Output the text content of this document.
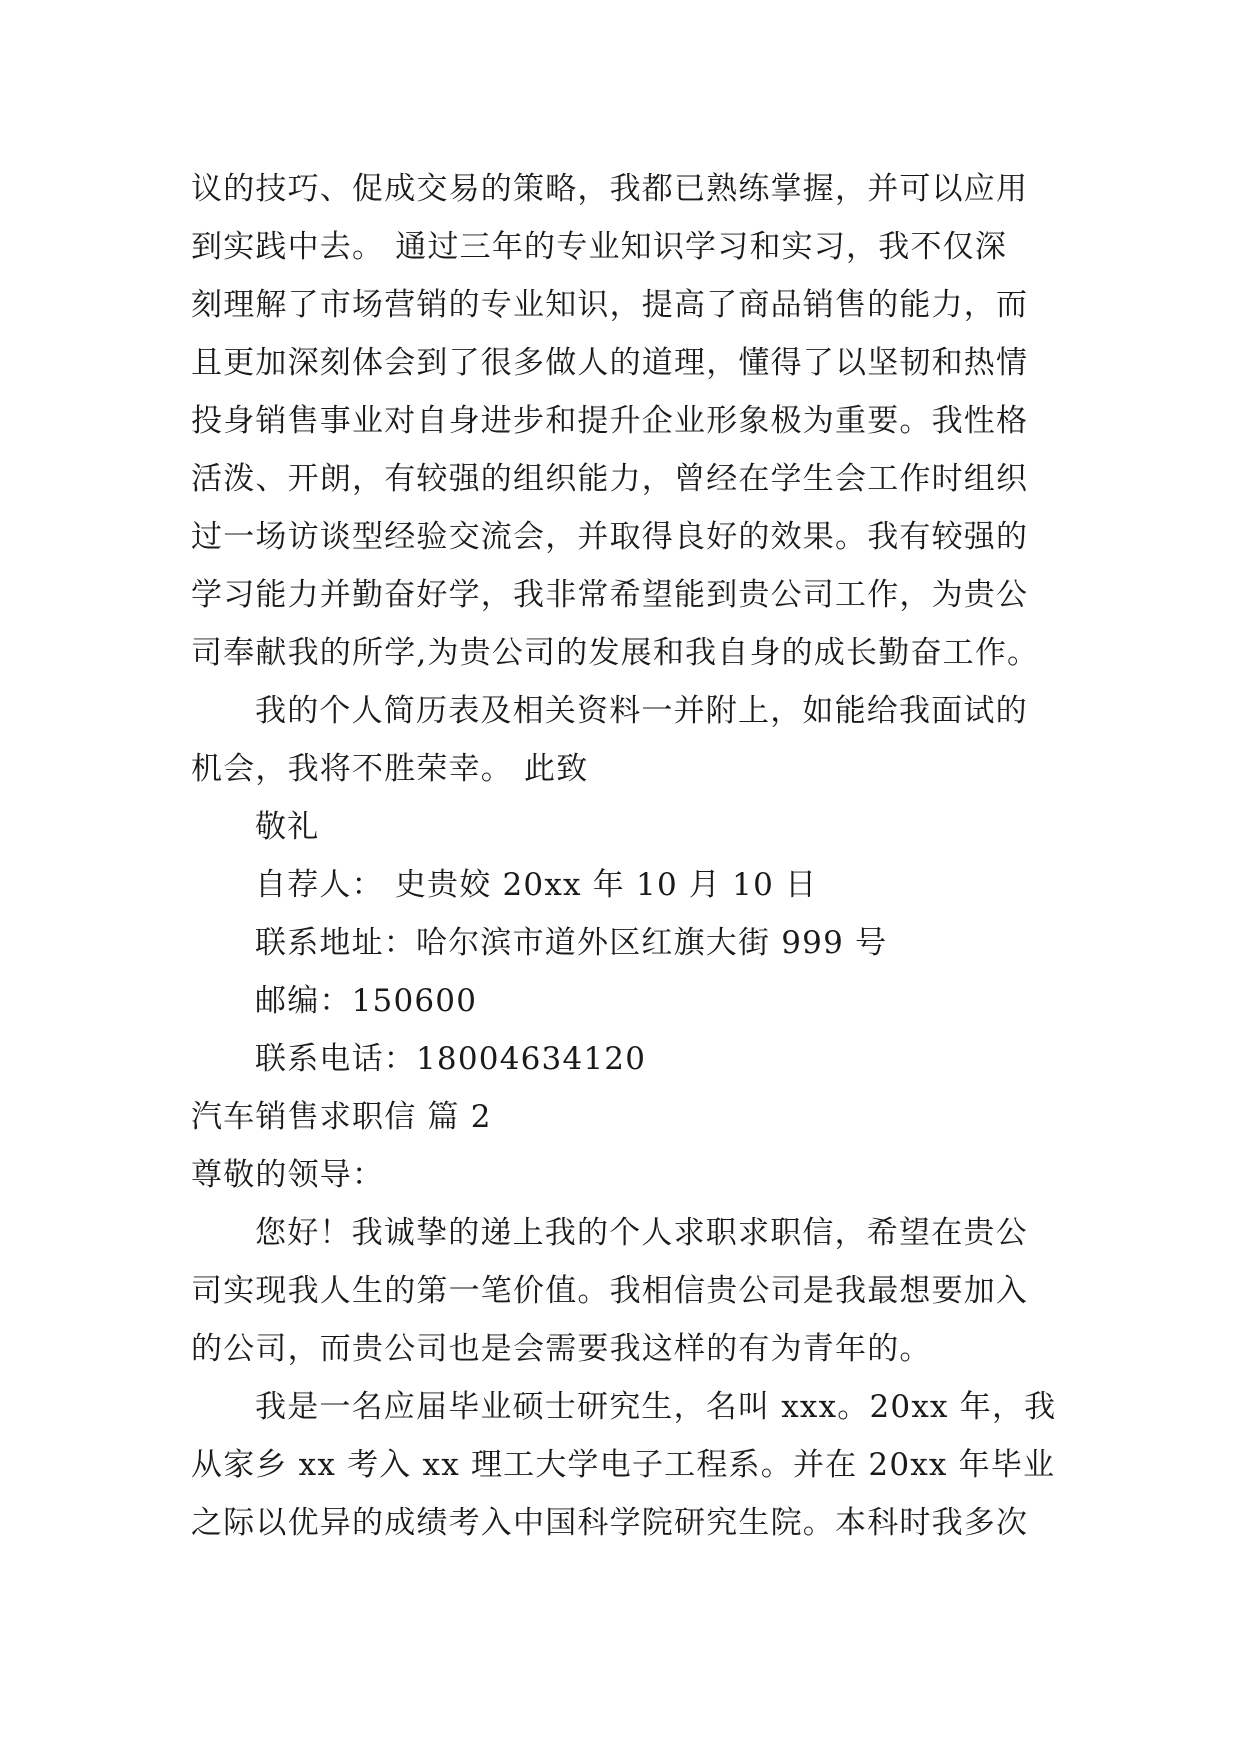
议的技巧、促成交易的策略，我都已熟练掌握，并可以应用
到实践中去。 通过三年的专业知识学习和实习，我不仅深
刻理解了市场营销的专业知识，提高了商品销售的能力，而
且更加深刻体会到了很多做人的道理，懂得了以坚韧和热情
投身销售事业对自身进步和提升企业形象极为重要。我性格
活泼、开朗，有较强的组织能力，曾经在学生会工作时组织
过一场访谈型经验交流会，并取得良好的效果。我有较强的
学习能力并勤奋好学，我非常希望能到贵公司工作，为贵公
司奉献我的所学,为贵公司的发展和我自身的成长勤奋工作。
我的个人简历表及相关资料一并附上，如能给我面试的
机会，我将不胜荣幸。 此致
敬礼
自荐人： 史贵姣 20xx 年 10 月 10 日
联系地址：哈尔滨市道外区红旗大街 999 号
邮编：150600
联系电话：18004634120
汽车销售求职信 篇 2
尊敬的领导：
您好！我诚挚的递上我的个人求职求职信，希望在贵公
司实现我人生的第一笔价值。我相信贵公司是我最想要加入
的公司，而贵公司也是会需要我这样的有为青年的。
我是一名应届毕业硕士研究生，名叫 xxx。20xx 年，我
从家乡 xx 考入 xx 理工大学电子工程系。并在 20xx 年毕业
之际以优异的成绩考入中国科学院研究生院。本科时我多次
